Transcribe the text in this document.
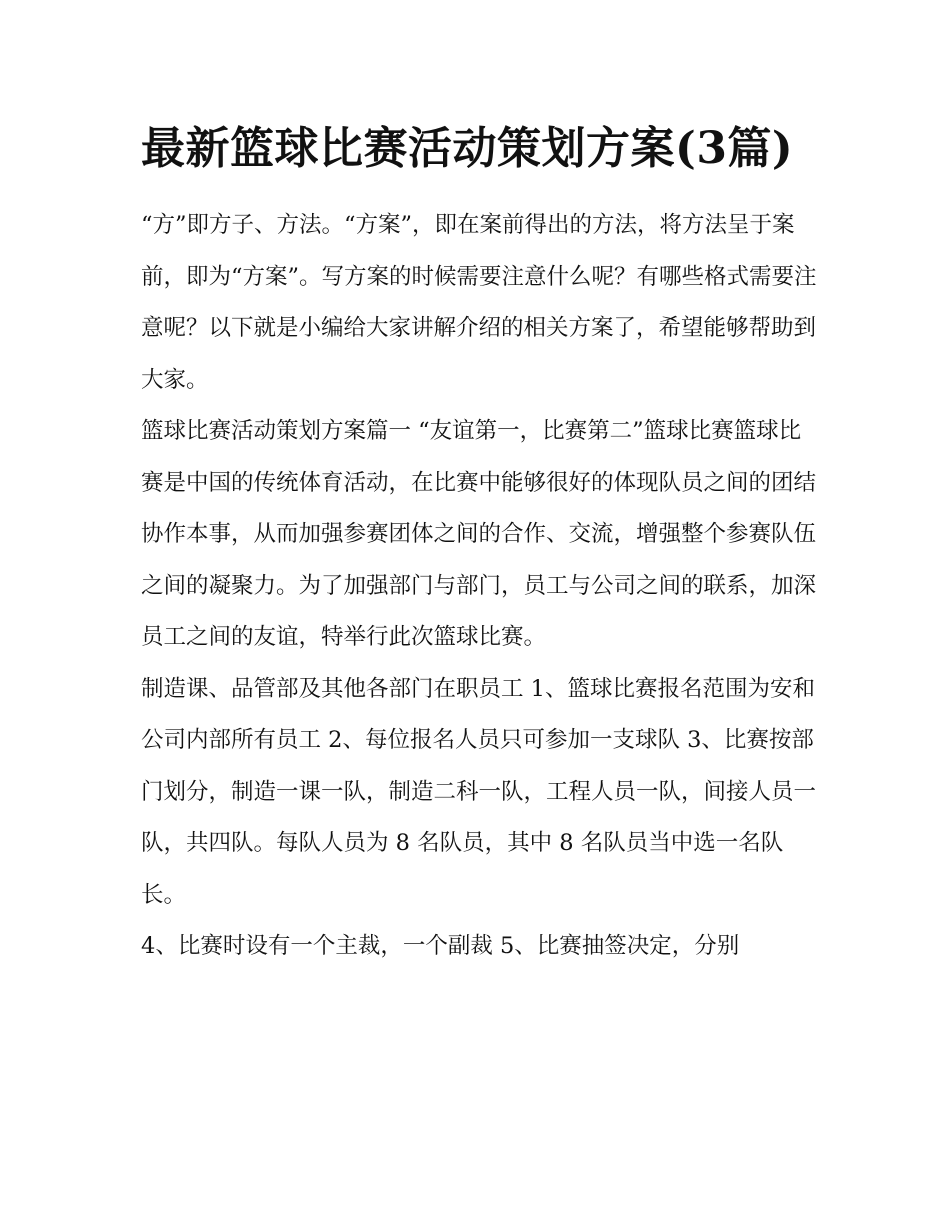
最新篮球比赛活动策划方案(3篇)

“方”即方子、方法。“方案”，即在案前得出的方法，将方法呈于案前，即为“方案”。写方案的时候需要注意什么呢？有哪些格式需要注意呢？以下就是小编给大家讲解介绍的相关方案了，希望能够帮助到大家。

篮球比赛活动策划方案篇一 “友谊第一，比赛第二”篮球比赛篮球比赛是中国的传统体育活动，在比赛中能够很好的体现队员之间的团结协作本事，从而加强参赛团体之间的合作、交流，增强整个参赛队伍之间的凝聚力。为了加强部门与部门，员工与公司之间的联系，加深员工之间的友谊，特举行此次篮球比赛。

制造课、品管部及其他各部门在职员工 1、篮球比赛报名范围为安和公司内部所有员工 2、每位报名人员只可参加一支球队 3、比赛按部门划分，制造一课一队，制造二科一队，工程人员一队，间接人员一队，共四队。每队人员为 8 名队员，其中 8 名队员当中选一名队长。

4、比赛时设有一个主裁，一个副裁 5、比赛抽签决定，分别
